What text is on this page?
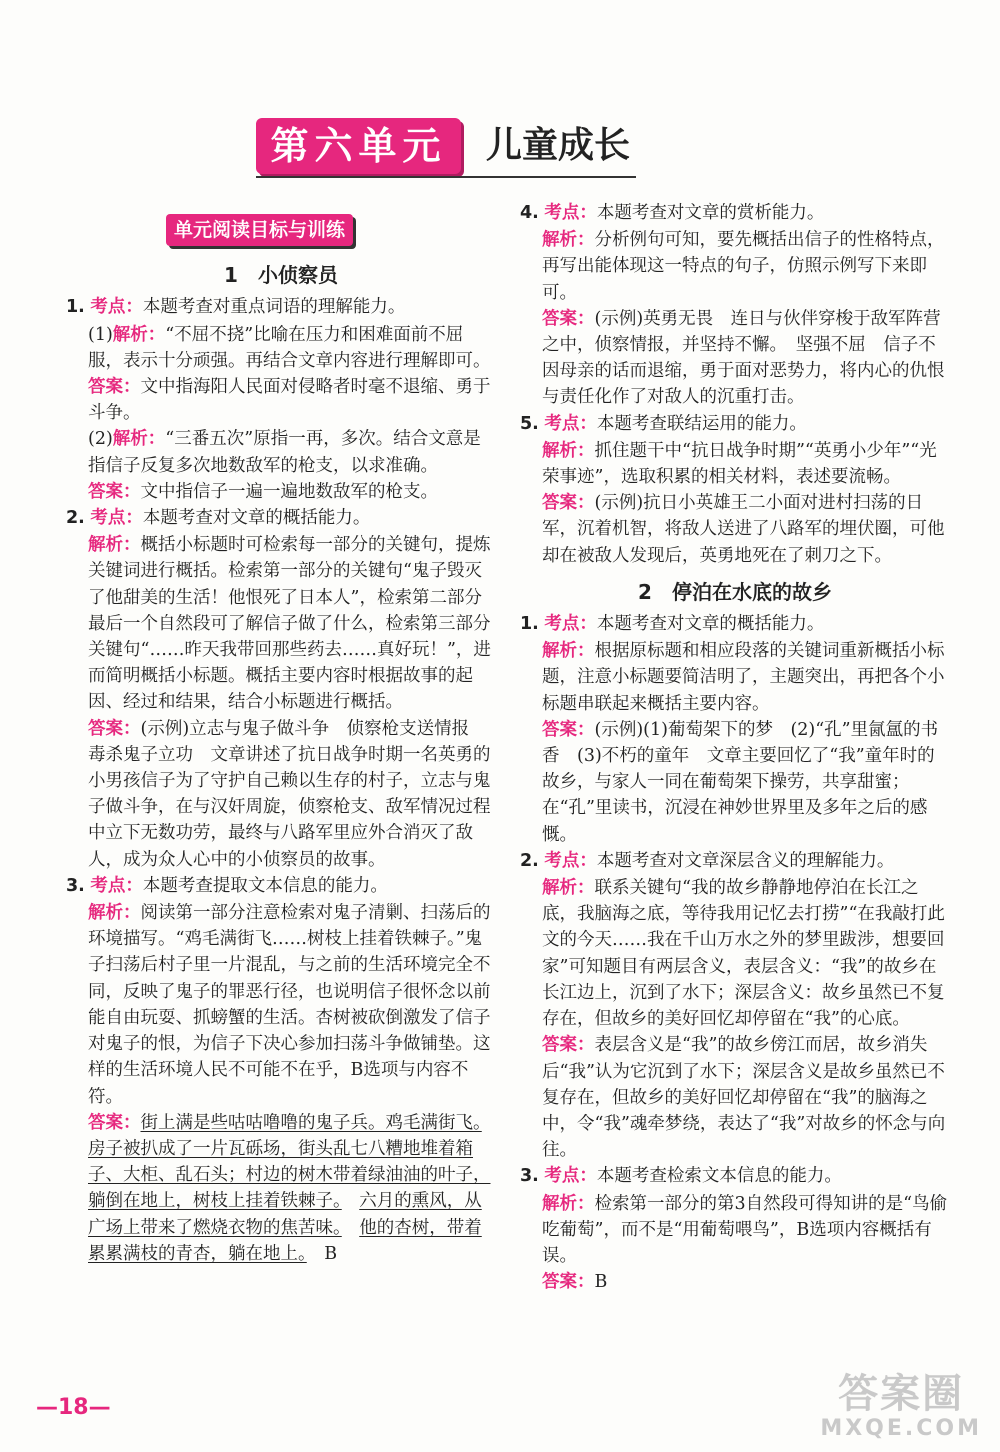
第六单元	儿童成长
单元阅读目标与训练
1　小侦察员

1. 考点：本题考查对重点词语的理解能力。

(1)解析：“不屈不挠”比喻在压力和困难面前不屈服，表示十分顽强。再结合文章内容进行理解即可。

答案：文中指海阳人民面对侵略者时毫不退缩、勇于斗争。

(2)解析：“三番五次”原指一再，多次。结合文意是指信子反复多次地数敌军的枪支，以求准确。

答案：文中指信子一遍一遍地数敌军的枪支。

2. 考点：本题考查对文章的概括能力。

解析：概括小标题时可检索每一部分的关键句，提炼关键词进行概括。检索第一部分的关键句“鬼子毁灭了他甜美的生活！他恨死了日本人”，检索第二部分最后一个自然段可了解信子做了什么，检索第三部分关键句“……昨天我带回那些药去……真好玩！”，进而简明概括小标题。概括主要内容时根据故事的起因、经过和结果，结合小标题进行概括。

答案：(示例)立志与鬼子做斗争　侦察枪支送情报　毒杀鬼子立功　文章讲述了抗日战争时期一名英勇的小男孩信子为了守护自己赖以生存的村子，立志与鬼子做斗争，在与汉奸周旋，侦察枪支、敌军情况过程中立下无数功劳，最终与八路军里应外合消灭了敌人，成为众人心中的小侦察员的故事。

3. 考点：本题考查提取文本信息的能力。

解析：阅读第一部分注意检索对鬼子清剿、扫荡后的环境描写。“鸡毛满街飞……树枝上挂着铁棘子。”鬼子扫荡后村子里一片混乱，与之前的生活环境完全不同，反映了鬼子的罪恶行径，也说明信子很怀念以前能自由玩耍、抓螃蟹的生活。杏树被砍倒激发了信子对鬼子的恨，为信子下决心参加扫荡斗争做铺垫。这样的生活环境人民不可能不在乎，B选项与内容不符。

答案：街上满是些咕咕噜噜的鬼子兵。鸡毛满街飞。　房子被扒成了一片瓦砾场，街头乱七八糟地堆着箱子、大柜、乱石头；村边的树木带着绿油油的叶子，躺倒在地上，树枝上挂着铁棘子。　 六月的熏风，从广场上带来了燃烧衣物的焦苦味。　 他的杏树，带着累累满枝的青杏，躺在地上。　 B

4. 考点：本题考查对文章的赏析能力。

解析：分析例句可知，要先概括出信子的性格特点，再写出能体现这一特点的句子，仿照示例写下来即可。

答案：(示例)英勇无畏　连日与伙伴穿梭于敌军阵营之中，侦察情报，并坚持不懈。　坚强不屈　信子不因母亲的话而退缩，勇于面对恶势力，将内心的仇恨与责任化作了对敌人的沉重打击。

5. 考点：本题考查联结运用的能力。

解析：抓住题干中“抗日战争时期”“英勇小少年”“光荣事迹”，选取积累的相关材料，表述要流畅。

答案：(示例)抗日小英雄王二小面对进村扫荡的日军，沉着机智，将敌人送进了八路军的埋伏圈，可他却在被敌人发现后，英勇地死在了刺刀之下。

2　停泊在水底的故乡

1. 考点：本题考查对文章的概括能力。

解析：根据原标题和相应段落的关键词重新概括小标题，注意小标题要简洁明了，主题突出，再把各个小标题串联起来概括主要内容。

答案：(示例)(1)葡萄架下的梦　(2)“孔”里氤氲的书香　(3)不朽的童年　文章主要回忆了“我”童年时的故乡，与家人一同在葡萄架下操劳，共享甜蜜；在“孔”里读书，沉浸在神妙世界里及多年之后的感慨。

2. 考点：本题考查对文章深层含义的理解能力。

解析：联系关键句“我的故乡静静地停泊在长江之底，我脑海之底，等待我用记忆去打捞”“在我敲打此文的今天……我在千山万水之外的梦里跋涉，想要回家”可知题目有两层含义，表层含义：“我”的故乡在长江边上，沉到了水下；深层含义：故乡虽然已不复存在，但故乡的美好回忆却停留在“我”的心底。

答案：表层含义是“我”的故乡傍江而居，故乡消失后“我”认为它沉到了水下；深层含义是故乡虽然已不复存在，但故乡的美好回忆却停留在“我”的脑海之中，令“我”魂牵梦绕，表达了“我”对故乡的怀念与向往。

3. 考点：本题考查检索文本信息的能力。

解析：检索第一部分的第3自然段可得知讲的是“鸟偷吃葡萄”，而不是“用葡萄喂鸟”，B选项内容概括有误。

答案：B

—18—	答案圈
MXQE.COM
